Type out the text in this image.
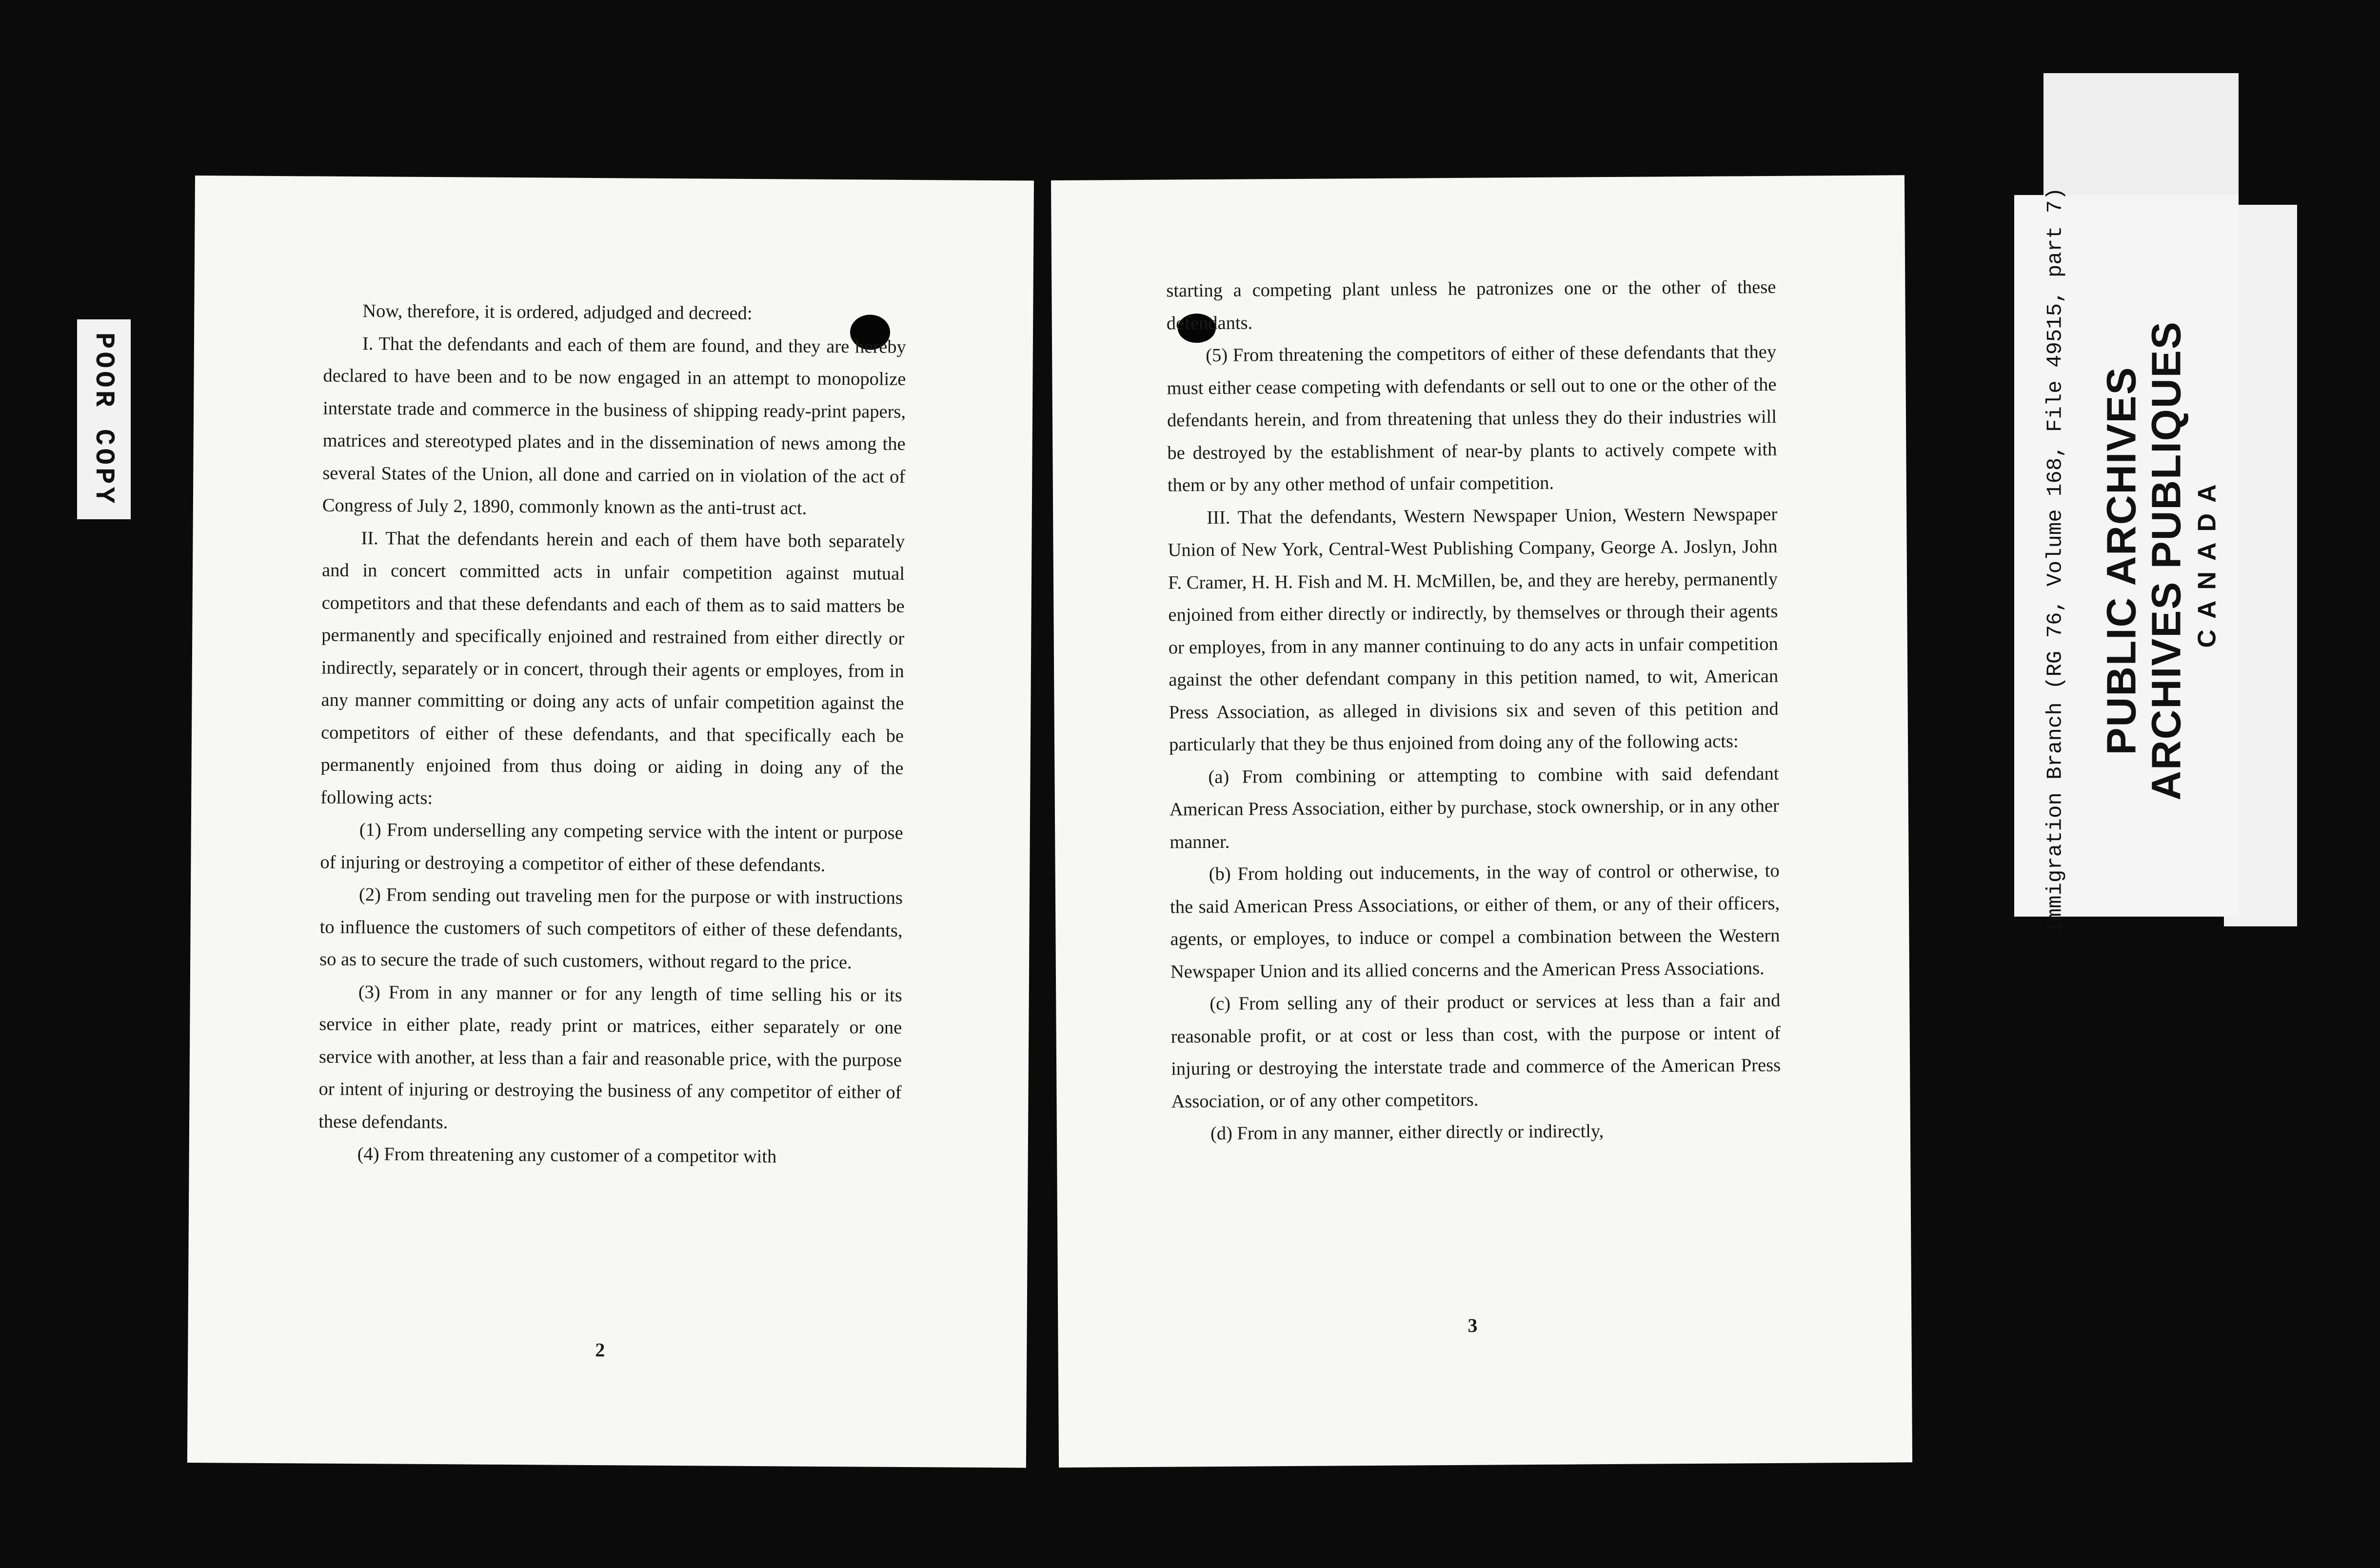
POOR COPY

Now, therefore, it is ordered, adjudged and decreed:

I. That the defendants and each of them are found, and they are hereby declared to have been and to be now engaged in an attempt to monopolize interstate trade and commerce in the business of shipping ready-print papers, matrices and stereotyped plates and in the dissemination of news among the several States of the Union, all done and carried on in violation of the act of Congress of July 2, 1890, commonly known as the anti-trust act.

II. That the defendants herein and each of them have both separately and in concert committed acts in unfair competition against mutual competitors and that these defendants and each of them as to said matters be permanently and specifically enjoined and restrained from either directly or indirectly, separately or in concert, through their agents or employes, from in any manner committing or doing any acts of unfair competition against the competitors of either of these defendants, and that specifically each be permanently enjoined from thus doing or aiding in doing any of the following acts:

(1) From underselling any competing service with the intent or purpose of injuring or destroying a competitor of either of these defendants.

(2) From sending out traveling men for the purpose or with instructions to influence the customers of such competitors of either of these defendants, so as to secure the trade of such customers, without regard to the price.

(3) From in any manner or for any length of time selling his or its service in either plate, ready print or matrices, either separately or one service with another, at less than a fair and reasonable price, with the purpose or intent of injuring or destroying the business of any competitor of either of these defendants.

(4) From threatening any customer of a competitor with

2

starting a competing plant unless he patronizes one or the other of these defendants.

(5) From threatening the competitors of either of these defendants that they must either cease competing with defendants or sell out to one or the other of the defendants herein, and from threatening that unless they do their industries will be destroyed by the establishment of near-by plants to actively compete with them or by any other method of unfair competition.

III. That the defendants, Western Newspaper Union, Western Newspaper Union of New York, Central-West Publishing Company, George A. Joslyn, John F. Cramer, H. H. Fish and M. H. McMillen, be, and they are hereby, permanently enjoined from either directly or indirectly, by themselves or through their agents or employes, from in any manner continuing to do any acts in unfair competition against the other defendant company in this petition named, to wit, American Press Association, as alleged in divisions six and seven of this petition and particularly that they be thus enjoined from doing any of the following acts:

(a) From combining or attempting to combine with said defendant American Press Association, either by purchase, stock ownership, or in any other manner.

(b) From holding out inducements, in the way of control or otherwise, to the said American Press Associations, or either of them, or any of their officers, agents, or employes, to induce or compel a combination between the Western Newspaper Union and its allied concerns and the American Press Associations.

(c) From selling any of their product or services at less than a fair and reasonable profit, or at cost or less than cost, with the purpose or intent of injuring or destroying the interstate trade and commerce of the American Press Association, or of any other competitors.

(d) From in any manner, either directly or indirectly,

3
Immigration Branch (RG 76, Volume 168, File 49515, part 7) PUBLIC ARCHIVES
ARCHIVES PUBLIQUES CANADA
